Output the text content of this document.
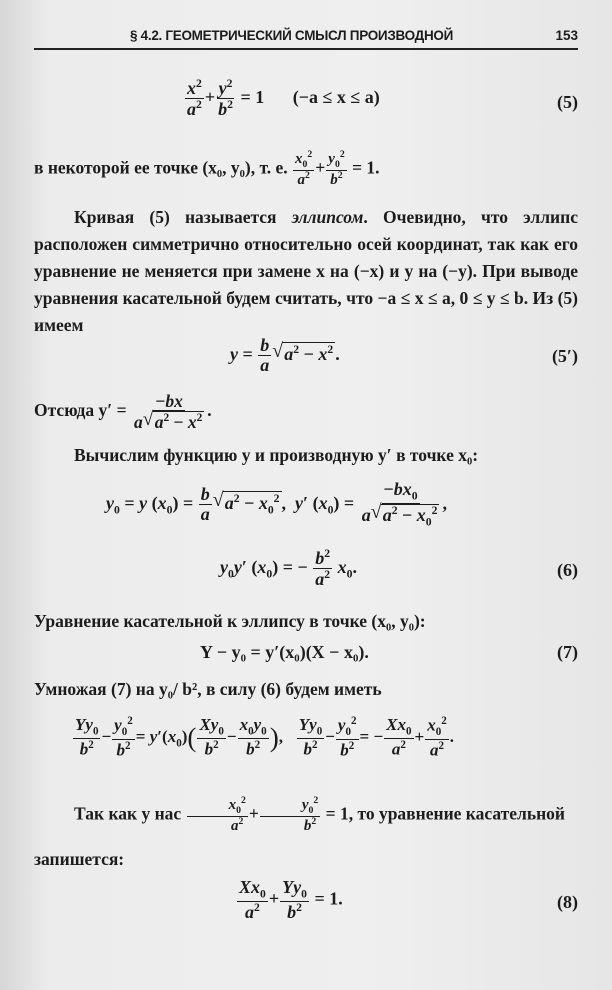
§ 4.2. ГЕОМЕТРИЧЕСКИЙ СМЫСЛ ПРОИЗВОДНОЙ	153
$\frac{x^2}{a^2} + \frac{y^2}{b^2} = 1$ (−a ≤ x ≤ a)	(5)
в некоторой ее точке (x₀, y₀), т. е. $\frac{x_0^2}{a^2} + \frac{y_0^2}{b^2} = 1$.
Кривая (5) называется эллипсом. Очевидно, что эллипс расположен симметрично относительно осей координат, так как его уравнение не меняется при замене x на (−x) и y на (−y). При выводе уравнения касательной будем считать, что −a ≤ x ≤ a, 0 ≤ y ≤ b. Из (5) имеем
$y = \frac{b}{a}$ √ $a^2 - x^2$ .	(5′)
Отсюда $y' = \frac{-bx}{a √ a^2 - x^2}$ .
Вычислим функцию y и производную y′ в точке x₀:
$y_0 = y$ $(x_0) = \frac{b}{a}$ √ $a^2 - x_0^2$ ,  y′ $(x_0) = \frac{-bx_0}{a √ a^2 - x_0^2}$ ,
$y_0y'$ $(x_0)$ = − $\frac{b^2}{a^2} x_0$.	(6)
Уравнение касательной к эллипсу в точке (x₀, y₀):
Y − y₀ = y′(x₀)(X − x₀).	(7)
Умножая (7) на y₀/ b², в силу (6) будем иметь
$\frac{Yy_0}{b^2} - \frac{y_0^2}{b^2} = y'(x_0)( \frac{Xy_0}{b^2} - \frac{x_0y_0}{b^2}$ ), $\frac{Yy_0}{b^2} - \frac{y_0^2}{b^2}$ = − $\frac{Xx_0}{a^2} + \frac{x_0^2}{a^2}$ .
Так как у нас $\frac{x_0^2}{a^2} + \frac{y_0^2}{b^2} = 1$, то уравнение касательной
запишется:
$\frac{Xx_0}{a^2} + \frac{Yy_0}{b^2} = 1$.	(8)
